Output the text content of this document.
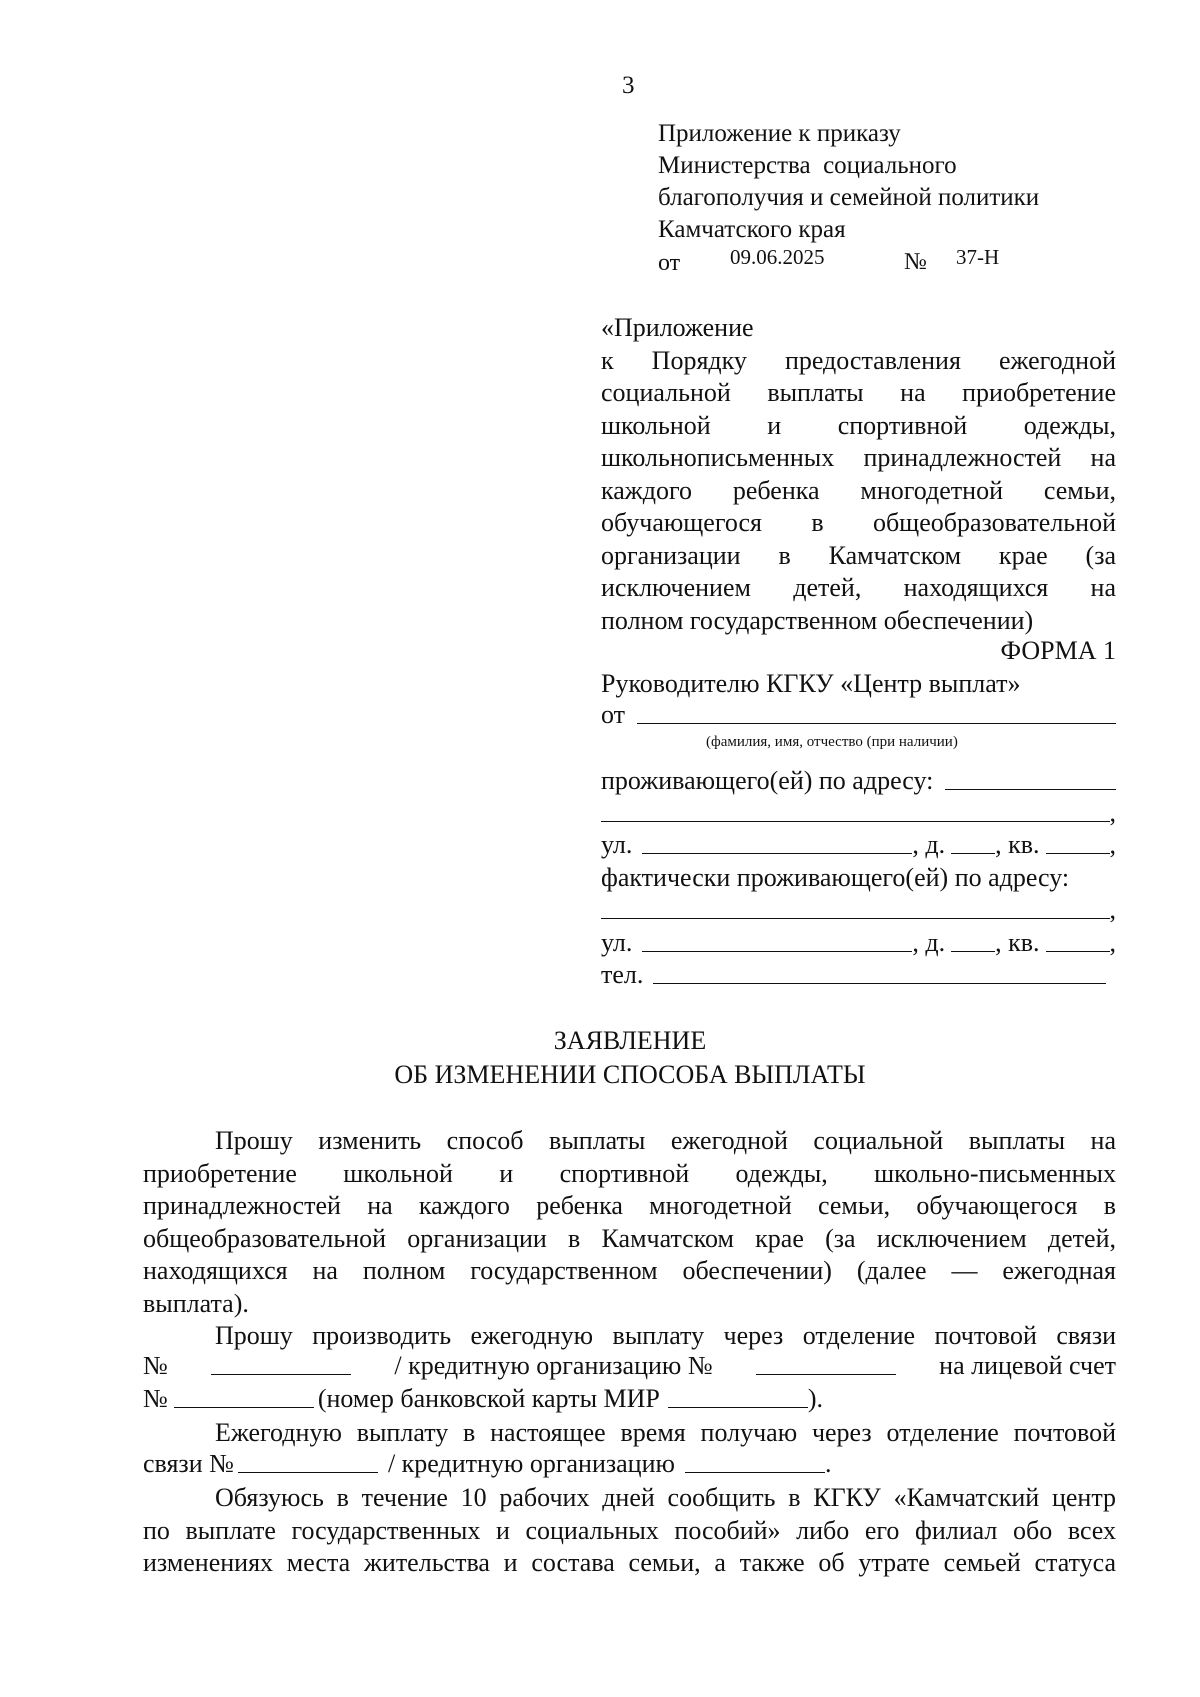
3
Приложение к приказу
Министерства  социального
благополучия и семейной политики
Камчатского края
от 09.06.2025	№ 37-Н
«Приложение
к Порядку предоставления ежегодной
социальной выплаты на приобретение
школьной и спортивной одежды,
школьнописьменных принадлежностей на
каждого ребенка многодетной семьи,
обучающегося в общеобразовательной
организации в Камчатском крае (за
исключением детей, находящихся на
полном государственном обеспечении)
ФОРМА 1
Руководителю КГКУ «Центр выплат»
от
(фамилия, имя, отчество (при наличии)
проживающего(ей) по адресу:
,
ул.	, д. , кв.	,
фактически проживающего(ей) по адресу:
,
ул.	, д. , кв.	,
тел.
ЗАЯВЛЕНИЕ
ОБ ИЗМЕНЕНИИ СПОСОБА ВЫПЛАТЫ
Прошу изменить способ выплаты ежегодной социальной выплаты на
приобретение школьной и спортивной одежды, школьно-письменных
принадлежностей на каждого ребенка многодетной семьи, обучающегося в
общеобразовательной организации в Камчатском крае (за исключением детей,
находящихся на полном государственном обеспечении) (далее — ежегодная
выплата).
Прошу производить ежегодную выплату через отделение почтовой связи
№	/ кредитную организацию №	на лицевой счет
№	(номер банковской карты МИР	).
Ежегодную выплату в настоящее время получаю через отделение почтовой
связи №	/ кредитную организацию	.
Обязуюсь в течение 10 рабочих дней сообщить в КГКУ «Камчатский центр
по выплате государственных и социальных пособий» либо его филиал обо всех
изменениях места жительства и состава семьи, а также об утрате семьей статуса
